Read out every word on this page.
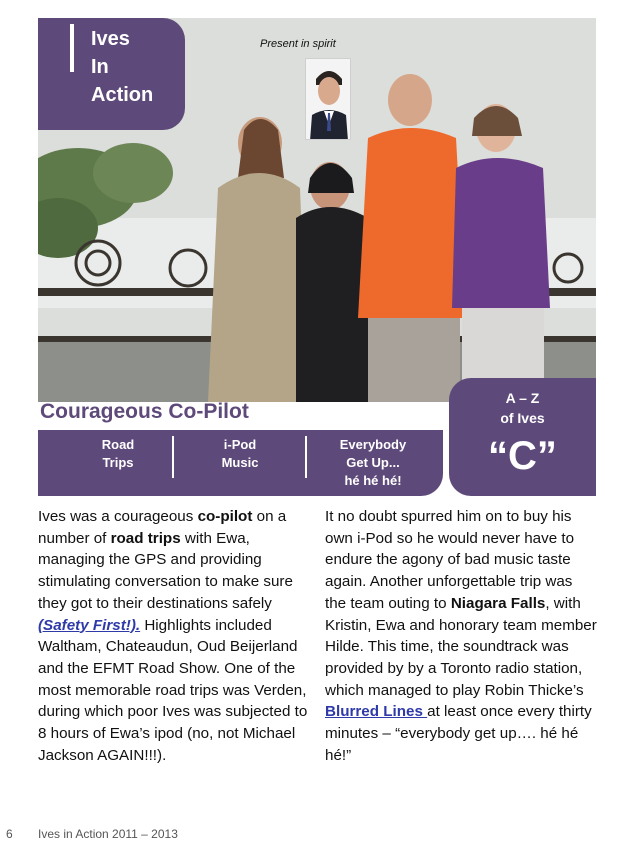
Ives
In
Action
Present in spirit
A – Z
of Ives
“C”
Courageous Co-Pilot
Road
Trips
i-Pod
Music
Everybody
Get Up...
hé hé hé!
Ives was a courageous co-pilot on a number of road trips with Ewa, managing the GPS and providing stimulating conversation to make sure they got to their destinations safely (Safety First!). Highlights included Waltham, Chateaudun, Oud Beijerland and the EFMT Road Show. One of the most memorable road trips was Verden, during which poor Ives was subjected to 8 hours of Ewa’s ipod (no, not Michael Jackson AGAIN!!!).
It no doubt spurred him on to buy his own i-Pod so he would never have to endure the agony of bad music taste again. Another unforgettable trip was the team outing to Niagara Falls, with Kristin, Ewa and honorary team member Hilde. This time, the soundtrack was provided by by a Toronto radio station, which managed to play Robin Thicke’s Blurred Lines at least once every thirty minutes – “everybody get up…. hé hé hé!”
6 Ives in Action 2011 – 2013
